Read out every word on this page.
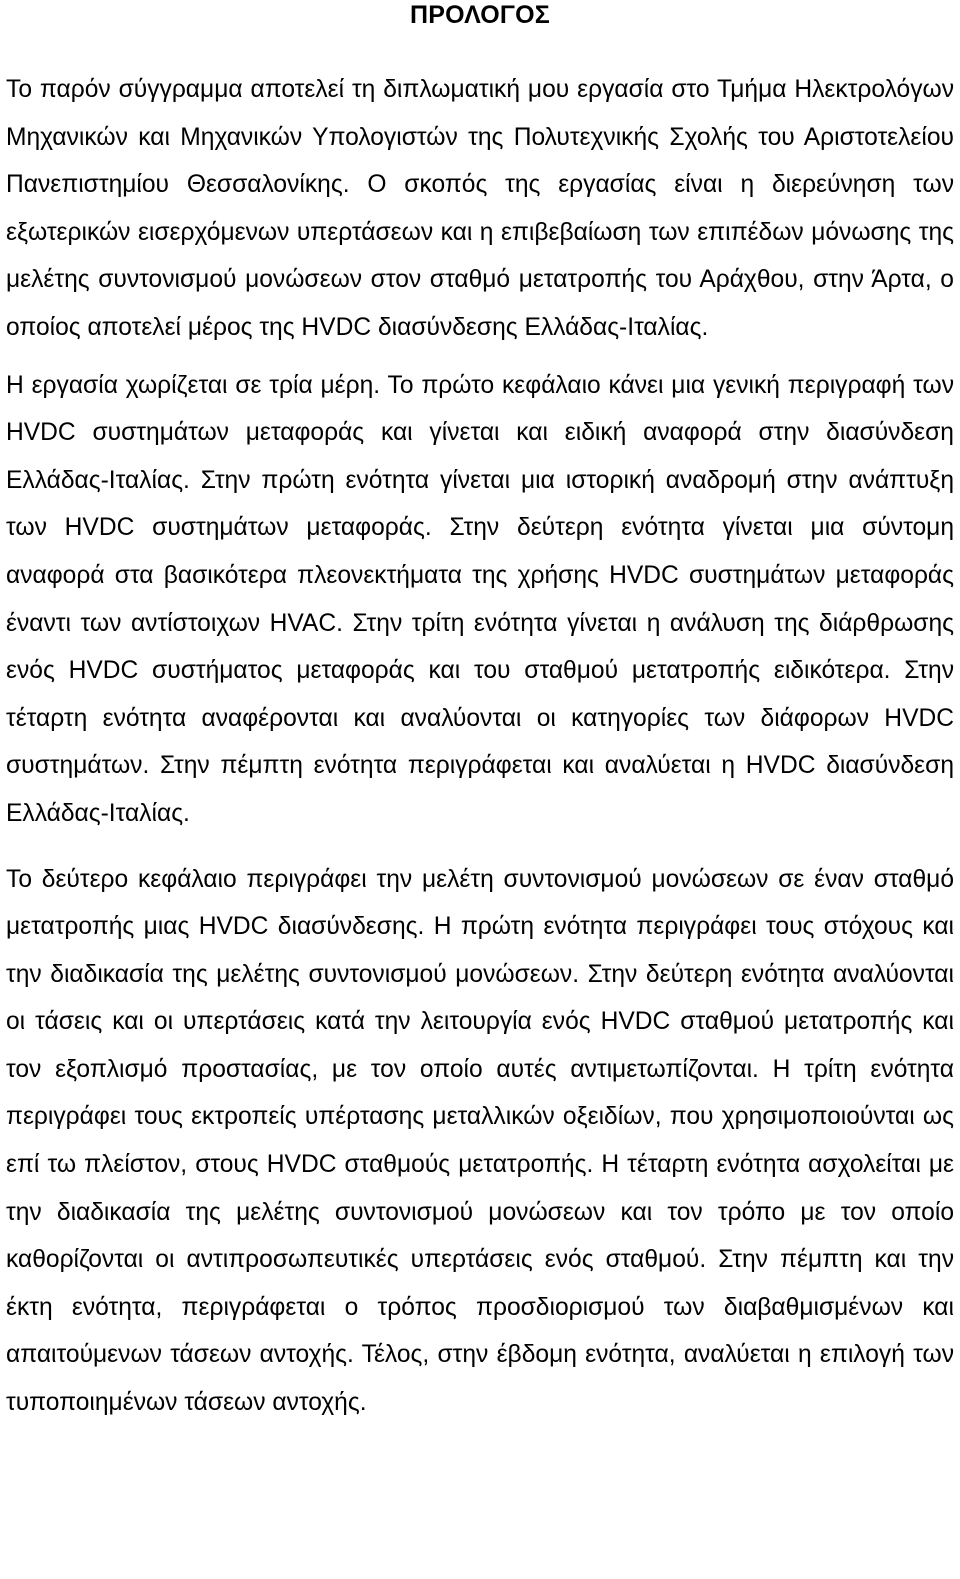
ΠΡΟΛΟΓΟΣ

Το παρόν σύγγραμμα αποτελεί τη διπλωματική μου εργασία στο Τμήμα Ηλεκτρολόγων Μηχανικών και Μηχανικών Υπολογιστών της Πολυτεχνικής Σχολής του Αριστοτελείου Πανεπιστημίου Θεσσαλονίκης. Ο σκοπός της εργασίας είναι η διερεύνηση των εξωτερικών εισερχόμενων υπερτάσεων και η επιβεβαίωση των επιπέδων μόνωσης της μελέτης συντονισμού μονώσεων στον σταθμό μετατροπής του Αράχθου, στην Άρτα, ο οποίος αποτελεί μέρος της HVDC διασύνδεσης Ελλάδας-Ιταλίας.

Η εργασία χωρίζεται σε τρία μέρη. Το πρώτο κεφάλαιο κάνει μια γενική περιγραφή των HVDC συστημάτων μεταφοράς και γίνεται και ειδική αναφορά στην διασύνδεση Ελλάδας-Ιταλίας. Στην πρώτη ενότητα γίνεται μια ιστορική αναδρομή στην ανάπτυξη των HVDC συστημάτων μεταφοράς. Στην δεύτερη ενότητα γίνεται μια σύντομη αναφορά στα βασικότερα πλεονεκτήματα της χρήσης HVDC συστημάτων μεταφοράς έναντι των αντίστοιχων HVAC. Στην τρίτη ενότητα γίνεται η ανάλυση της διάρθρωσης ενός HVDC συστήματος μεταφοράς και του σταθμού μετατροπής ειδικότερα. Στην τέταρτη ενότητα αναφέρονται και αναλύονται οι κατηγορίες των διάφορων HVDC συστημάτων. Στην πέμπτη ενότητα περιγράφεται και αναλύεται η HVDC διασύνδεση Ελλάδας-Ιταλίας.

Το δεύτερο κεφάλαιο περιγράφει την μελέτη συντονισμού μονώσεων σε έναν σταθμό μετατροπής μιας HVDC διασύνδεσης. Η πρώτη ενότητα περιγράφει τους στόχους και την διαδικασία της μελέτης συντονισμού μονώσεων. Στην δεύτερη ενότητα αναλύονται οι τάσεις και οι υπερτάσεις κατά την λειτουργία ενός HVDC σταθμού μετατροπής και τον εξοπλισμό προστασίας, με τον οποίο αυτές αντιμετωπίζονται. Η τρίτη ενότητα περιγράφει τους εκτροπείς υπέρτασης μεταλλικών οξειδίων, που χρησιμοποιούνται ως επί τω πλείστον, στους HVDC σταθμούς μετατροπής. Η τέταρτη ενότητα ασχολείται με την διαδικασία της μελέτης συντονισμού μονώσεων και τον τρόπο με τον οποίο καθορίζονται οι αντιπροσωπευτικές υπερτάσεις ενός σταθμού. Στην πέμπτη και την έκτη ενότητα, περιγράφεται ο τρόπος προσδιορισμού των διαβαθμισμένων και απαιτούμενων τάσεων αντοχής. Τέλος, στην έβδομη ενότητα, αναλύεται η επιλογή των τυποποιημένων τάσεων αντοχής.
